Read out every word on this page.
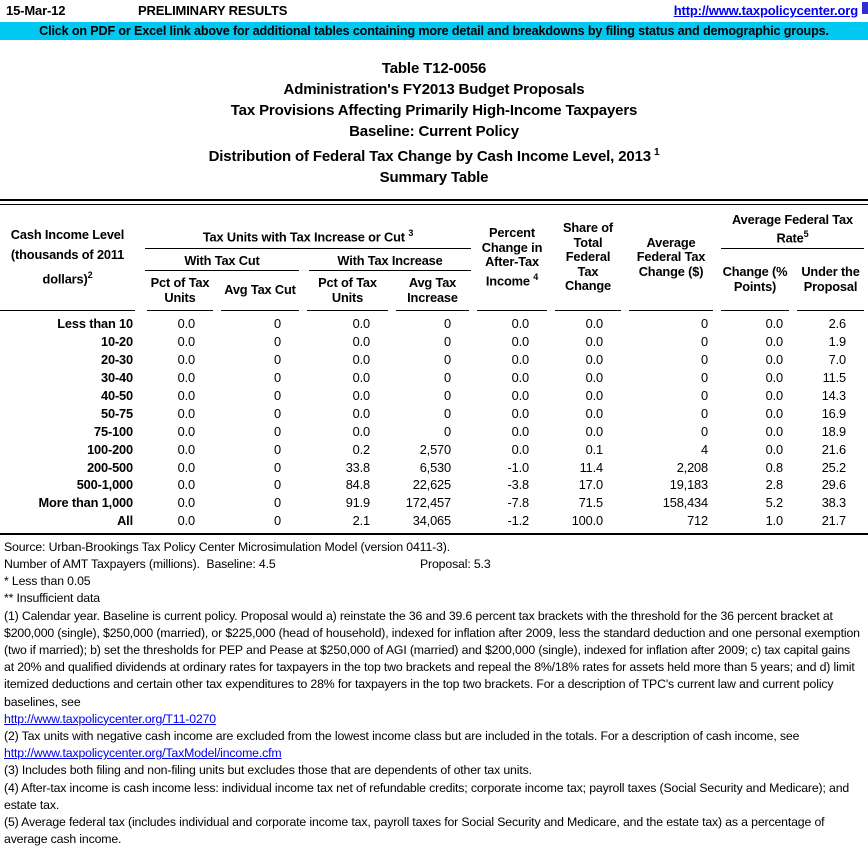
15-Mar-12	PRELIMINARY RESULTS	http://www.taxpolicycenter.org
Click on PDF or Excel link above for additional tables containing more detail and breakdowns by filing status and demographic groups.
Table T12-0056
Administration's FY2013 Budget Proposals
Tax Provisions Affecting Primarily High-Income Taxpayers
Baseline: Current Policy
Distribution of Federal Tax Change by Cash Income Level, 2013 $^1$
Summary Table
Cash Income Level (thousands of 2011 dollars)$^2$
Tax Units with Tax Increase or Cut $^3$
With Tax Cut	With Tax Increase
Pct of Tax Units	Avg Tax Cut	Pct of Tax Units
Avg Tax Increase
Percent Change in After-Tax Income $^4$
Share of Total Federal Tax Change
Average Federal Tax Change ($)
Average Federal Tax Rate$^5$
Change (% Points)
Under the Proposal
Less than 10	0.0	0	0.0	0	0.0	0.0	0	0.0	2.6
10-20	0.0	0	0.0	0	0.0	0.0	0	0.0	1.9
20-30	0.0	0	0.0	0	0.0	0.0	0	0.0	7.0
30-40	0.0	0	0.0	0	0.0	0.0	0	0.0	11.5
40-50	0.0	0	0.0	0	0.0	0.0	0	0.0	14.3
50-75	0.0	0	0.0	0	0.0	0.0	0	0.0	16.9
75-100	0.0	0	0.0	0	0.0	0.0	0	0.0	18.9
100-200	0.0	0	0.2	2,570	0.0	0.1	4	0.0	21.6
200-500	0.0	0	33.8	6,530	-1.0	11.4	2,208	0.8	25.2
500-1,000	0.0	0	84.8	22,625	-3.8	17.0	19,183	2.8	29.6
More than 1,000	0.0	0	91.9	172,457	-7.8	71.5	158,434	5.2	38.3
All	0.0	0	2.1	34,065	-1.2	100.0	712	1.0	21.7
Source: Urban-Brookings Tax Policy Center Microsimulation Model (version 0411-3).
Number of AMT Taxpayers (millions).  Baseline: 4.5	Proposal: 5.3
* Less than 0.05
** Insufficient data
(1) Calendar year. Baseline is current policy. Proposal would a) reinstate the 36 and 39.6 percent tax brackets with the threshold for the 36 percent bracket at $200,000 (single), $250,000 (married), or $225,000 (head of household), indexed for inflation after 2009, less the standard deduction and one personal exemption (two if married); b) set the thresholds for PEP and Pease at $250,000 of AGI (married) and $200,000 (single), indexed for inflation after 2009; c) tax capital gains at 20% and qualified dividends at ordinary rates for taxpayers in the top two brackets and repeal the 8%/18% rates for assets held more than 5 years; and d) limit itemized deductions and certain other tax expenditures to 28% for taxpayers in the top two brackets. For a description of TPC's current law and current policy baselines, see
http://www.taxpolicycenter.org/T11-0270
(2) Tax units with negative cash income are excluded from the lowest income class but are included in the totals. For a description of cash income, see
http://www.taxpolicycenter.org/TaxModel/income.cfm
(3) Includes both filing and non-filing units but excludes those that are dependents of other tax units.
(4) After-tax income is cash income less: individual income tax net of refundable credits; corporate income tax; payroll taxes (Social Security and Medicare); and estate tax.
(5) Average federal tax (includes individual and corporate income tax, payroll taxes for Social Security and Medicare, and the estate tax) as a percentage of average cash income.
